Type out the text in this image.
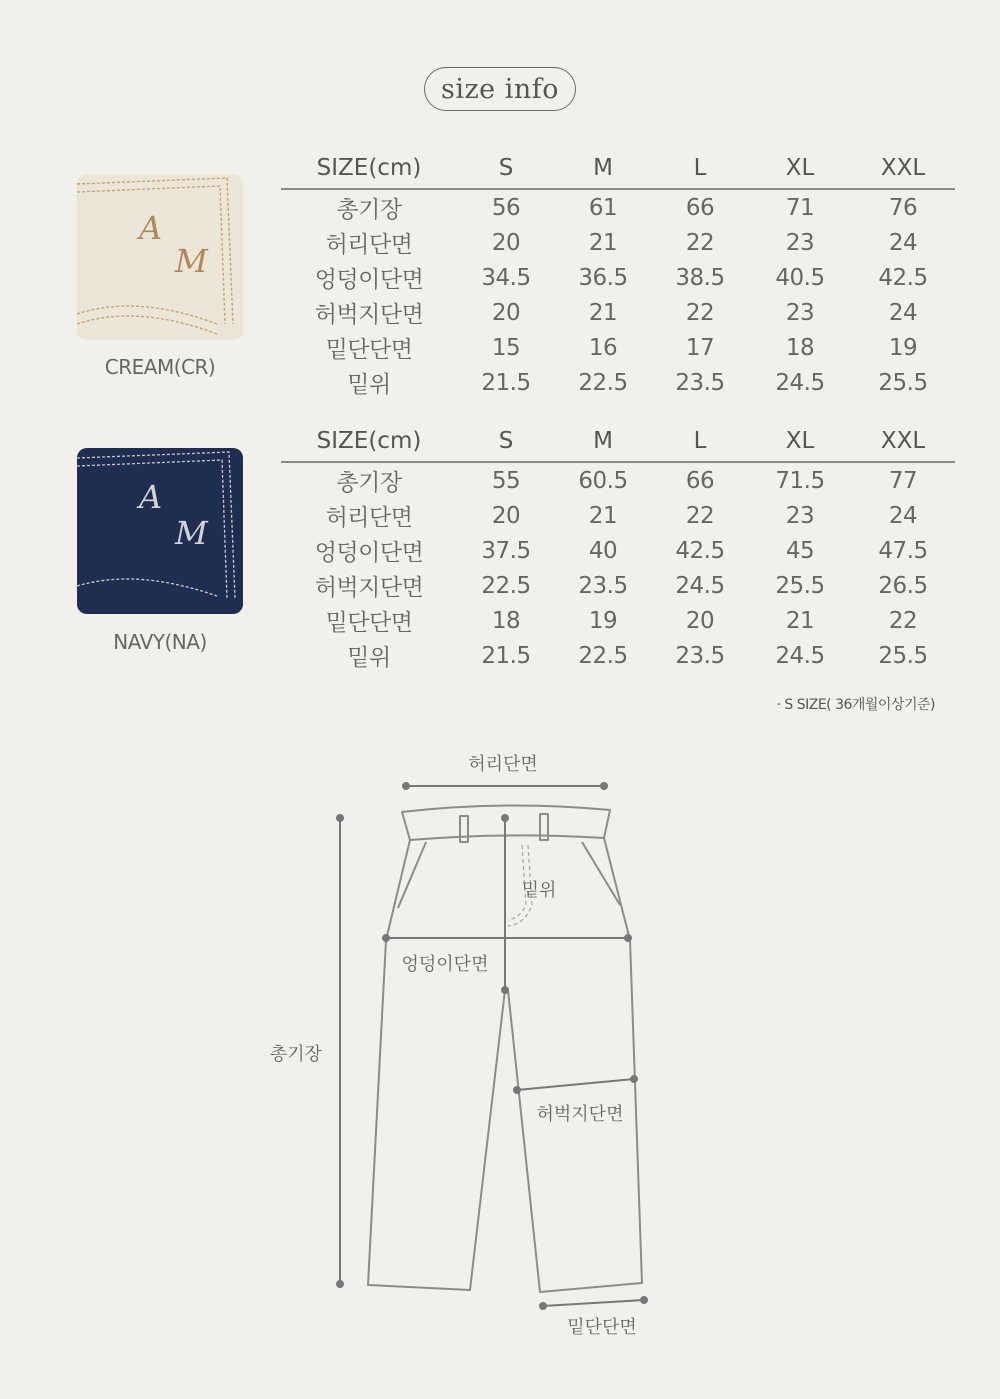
size info
A
M
CREAM(CR)
A
M
NAVY(NA)
SIZE(cm)	S	M	L	XL	XXL
총기장	56	61	66	71	76
허리단면	20	21	22	23	24
엉덩이단면	34.5	36.5	38.5	40.5	42.5
허벅지단면	20	21	22	23	24
밑단단면	15	16	17	18	19
밑위	21.5	22.5	23.5	24.5	25.5
SIZE(cm)	S	M	L	XL	XXL
총기장	55	60.5	66	71.5	77
허리단면	20	21	22	23	24
엉덩이단면	37.5	40	42.5	45	47.5
허벅지단면	22.5	23.5	24.5	25.5	26.5
밑단단면	18	19	20	21	22
밑위	21.5	22.5	23.5	24.5	25.5
· S SIZE( 36개월이상기준)
허리단면
밑위
엉덩이단면
총기장
허벅지단면
밑단단면
